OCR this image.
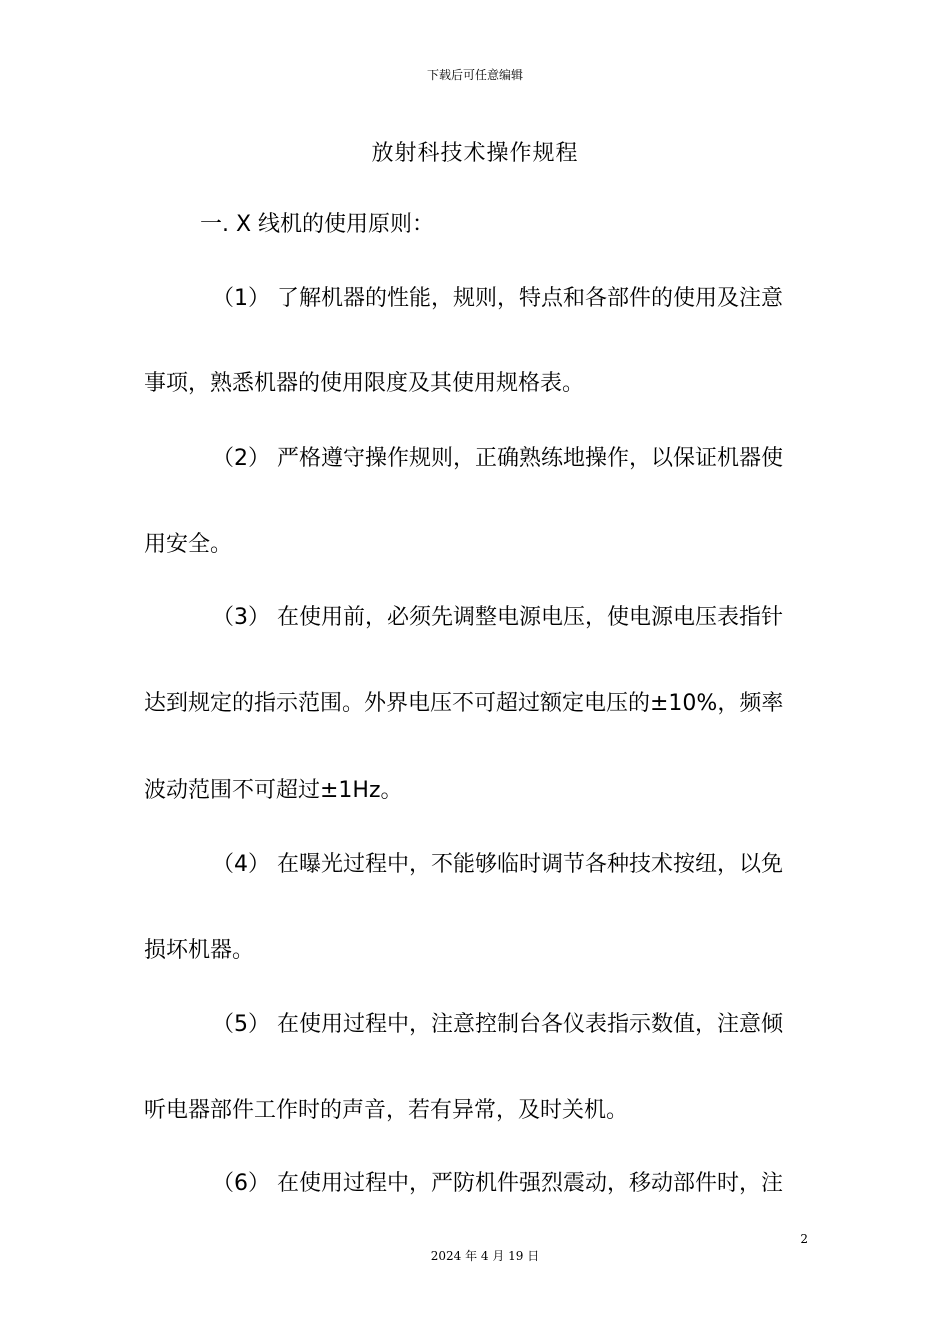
下载后可任意编辑
放射科技术操作规程
一. X 线机的使用原则：
（1） 了解机器的性能，规则，特点和各部件的使用及注意
事项，熟悉机器的使用限度及其使用规格表。
（2） 严格遵守操作规则，正确熟练地操作，以保证机器使
用安全。
（3） 在使用前，必须先调整电源电压，使电源电压表指针
达到规定的指示范围。外界电压不可超过额定电压的±10%，频率
波动范围不可超过±1Hz。
（4） 在曝光过程中，不能够临时调节各种技术按纽，以免
损坏机器。
（5） 在使用过程中，注意控制台各仪表指示数值，注意倾
听电器部件工作时的声音，若有异常，及时关机。
（6） 在使用过程中，严防机件强烈震动，移动部件时，注
2
2024 年 4 月 19 日
